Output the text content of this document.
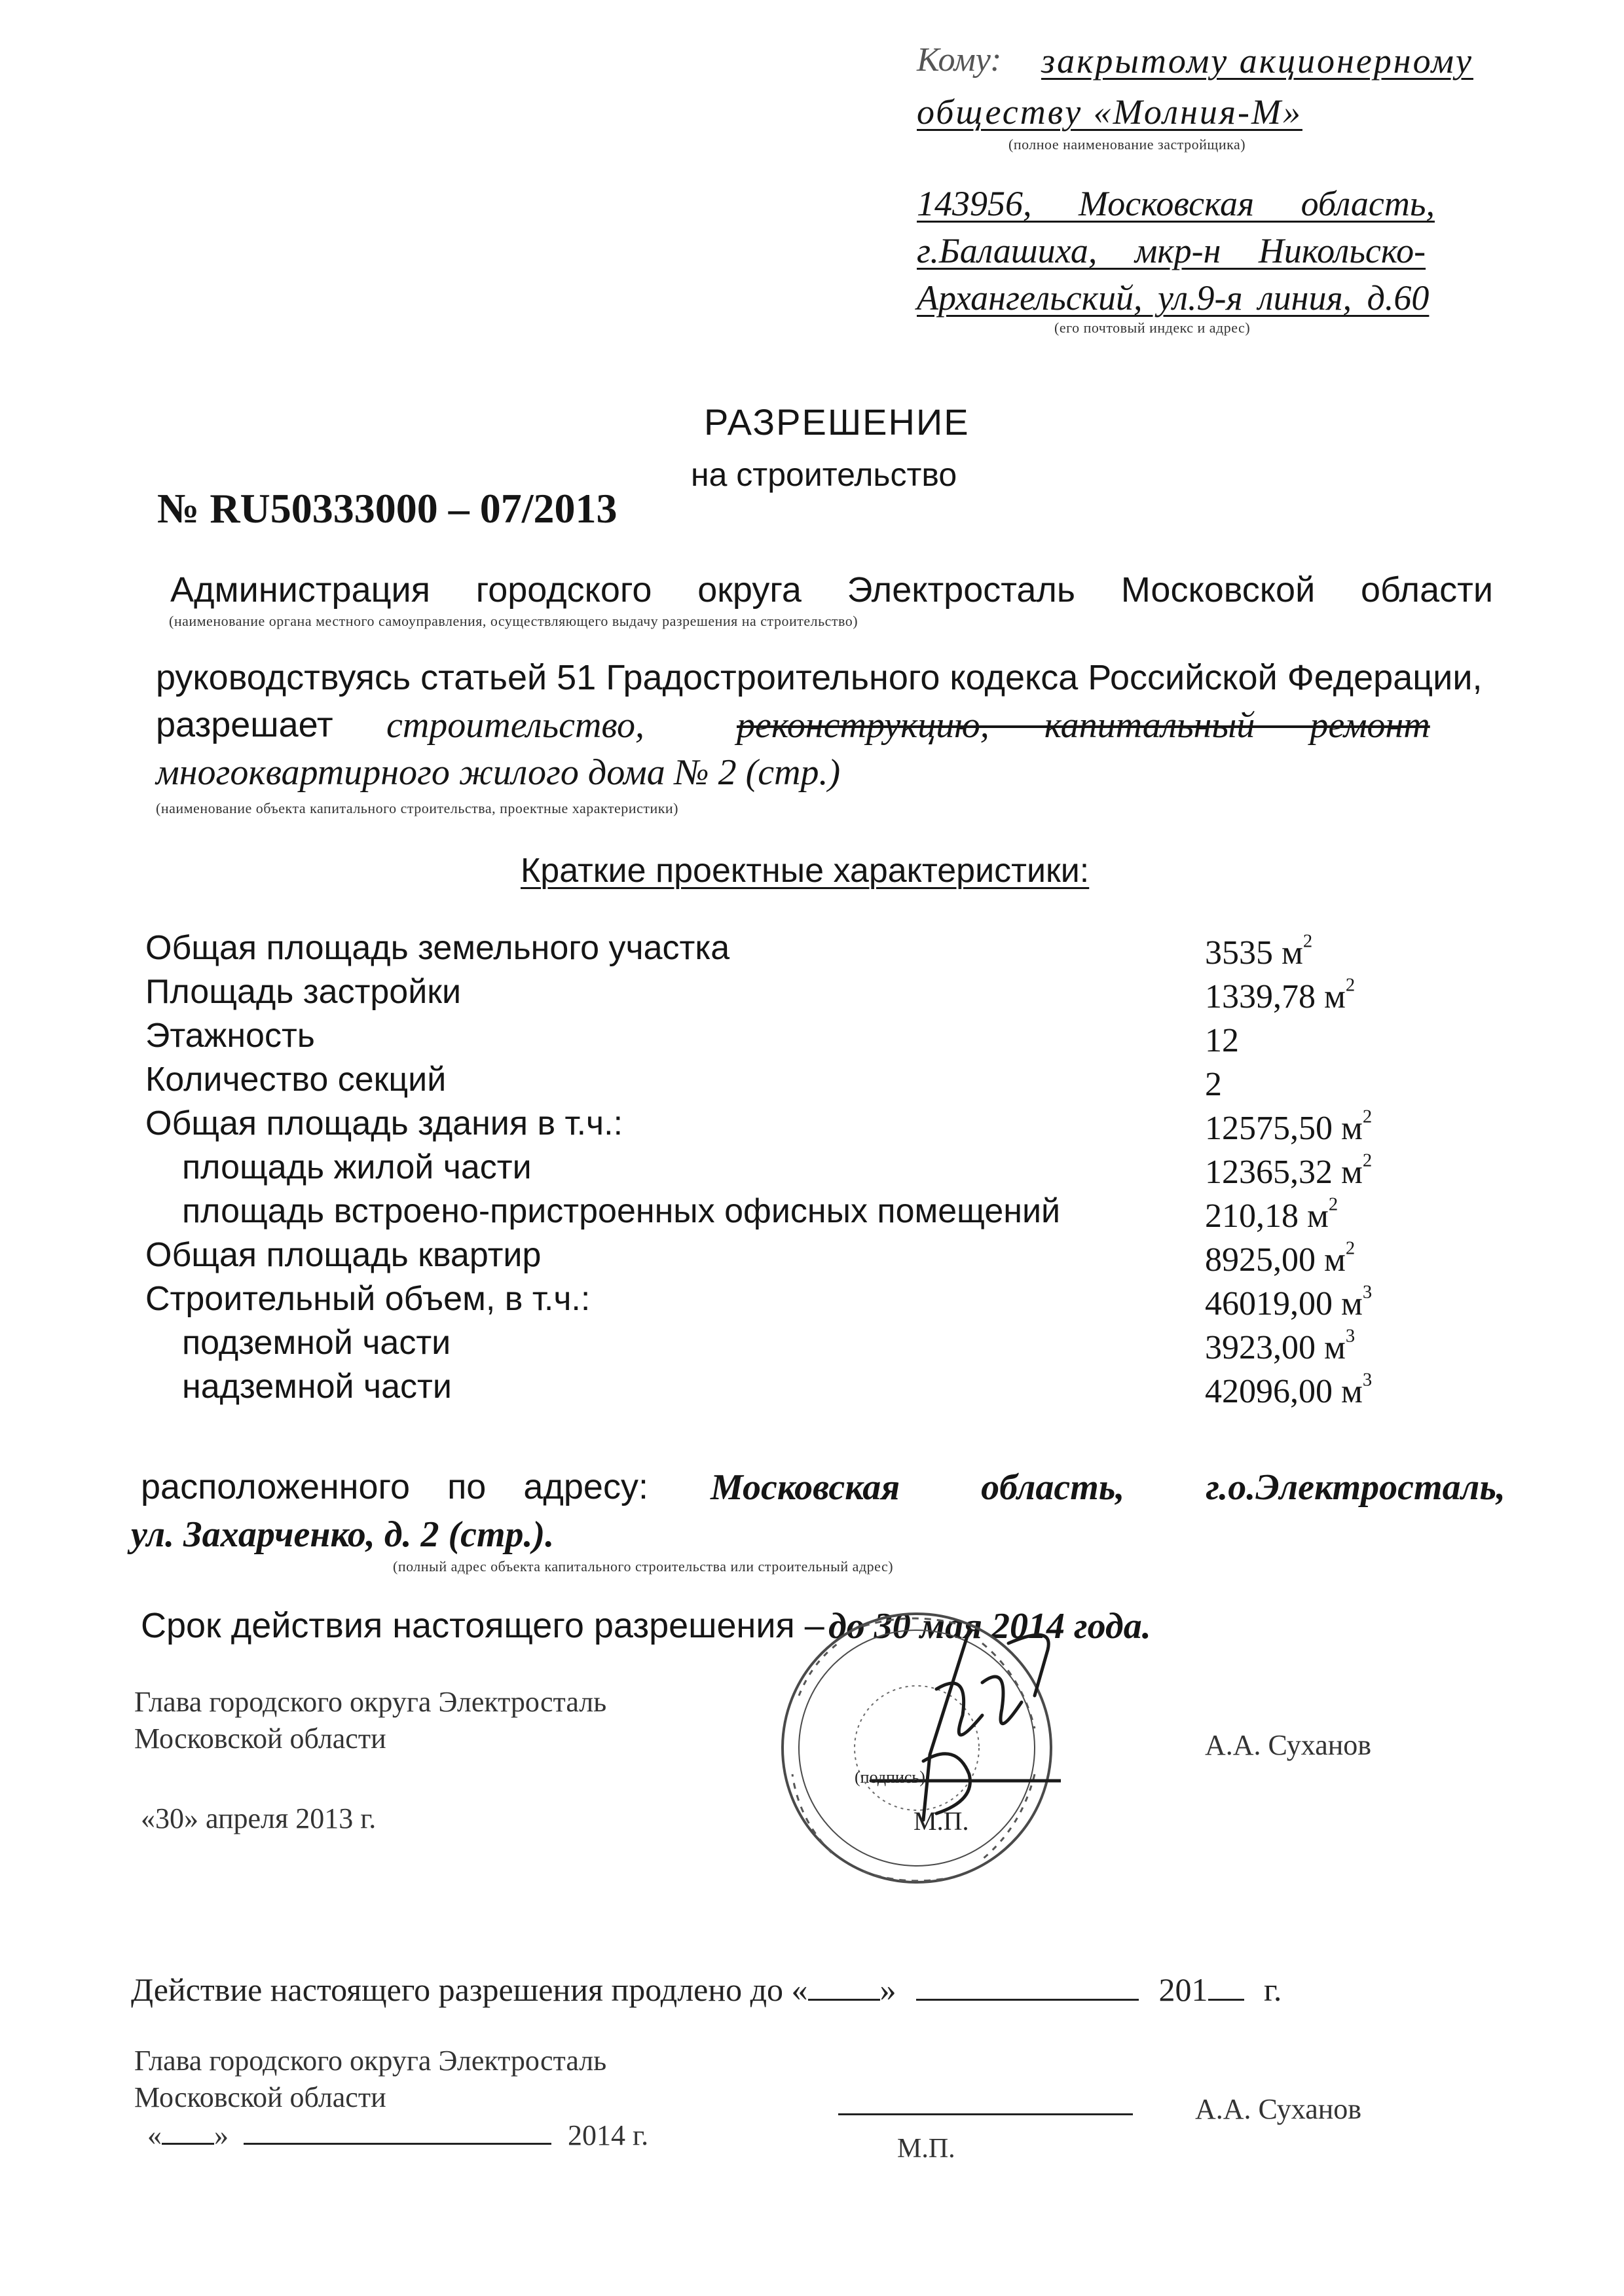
Кому: закрытому акционерному
обществу «Молния-М»
(полное наименование застройщика)
143956, Московская область,
г.Балашиха, мкр-н Никольско-
Архангельский, ул.9-я линия, д.60
(его почтовый индекс и адрес)
РАЗРЕШЕНИЕ
на строительство
№ RU50333000 – 07/2013
Администрация городского округа Электросталь Московской области
(наименование органа местного самоуправления, осуществляющего выдачу разрешения на строительство)
руководствуясь статьей 51 Градостроительного кодекса Российской Федерации,
разрешает строительство,	реконструкцию, капитальный ремонт
многоквартирного жилого дома № 2 (стр.)
(наименование объекта капитального строительства, проектные характеристики)
Краткие проектные характеристики:
Общая площадь земельного участка	3535 $м^2$
Площадь застройки	1339,78 $м^2$
Этажность	12
Количество секций	2
Общая площадь здания в т.ч.:	12575,50 $м^2$
площадь жилой части	12365,32 $м^2$
площадь встроено-пристроенных офисных помещений	210,18 $м^2$
Общая площадь квартир	8925,00 $м^2$
Строительный объем, в т.ч.:	46019,00 $м^3$
подземной части	3923,00 $м^3$
надземной части	42096,00 $м^3$
расположенного по адресу: Московская область, г.о.Электросталь,
ул. Захарченко, д. 2 (стр.).
(полный адрес объекта капитального строительства или строительный адрес)
Срок действия настоящего разрешения – до 30 мая 2014 года.
Глава городского округа Электросталь
Московской области
«30» апреля 2013 г.
(подпись)
М.П.
А.А. Суханов
Действие настоящего разрешения продлено до « »	201 г.
Глава городского округа Электросталь
Московской области
« »	2014 г.	М.П.
А.А. Суханов
